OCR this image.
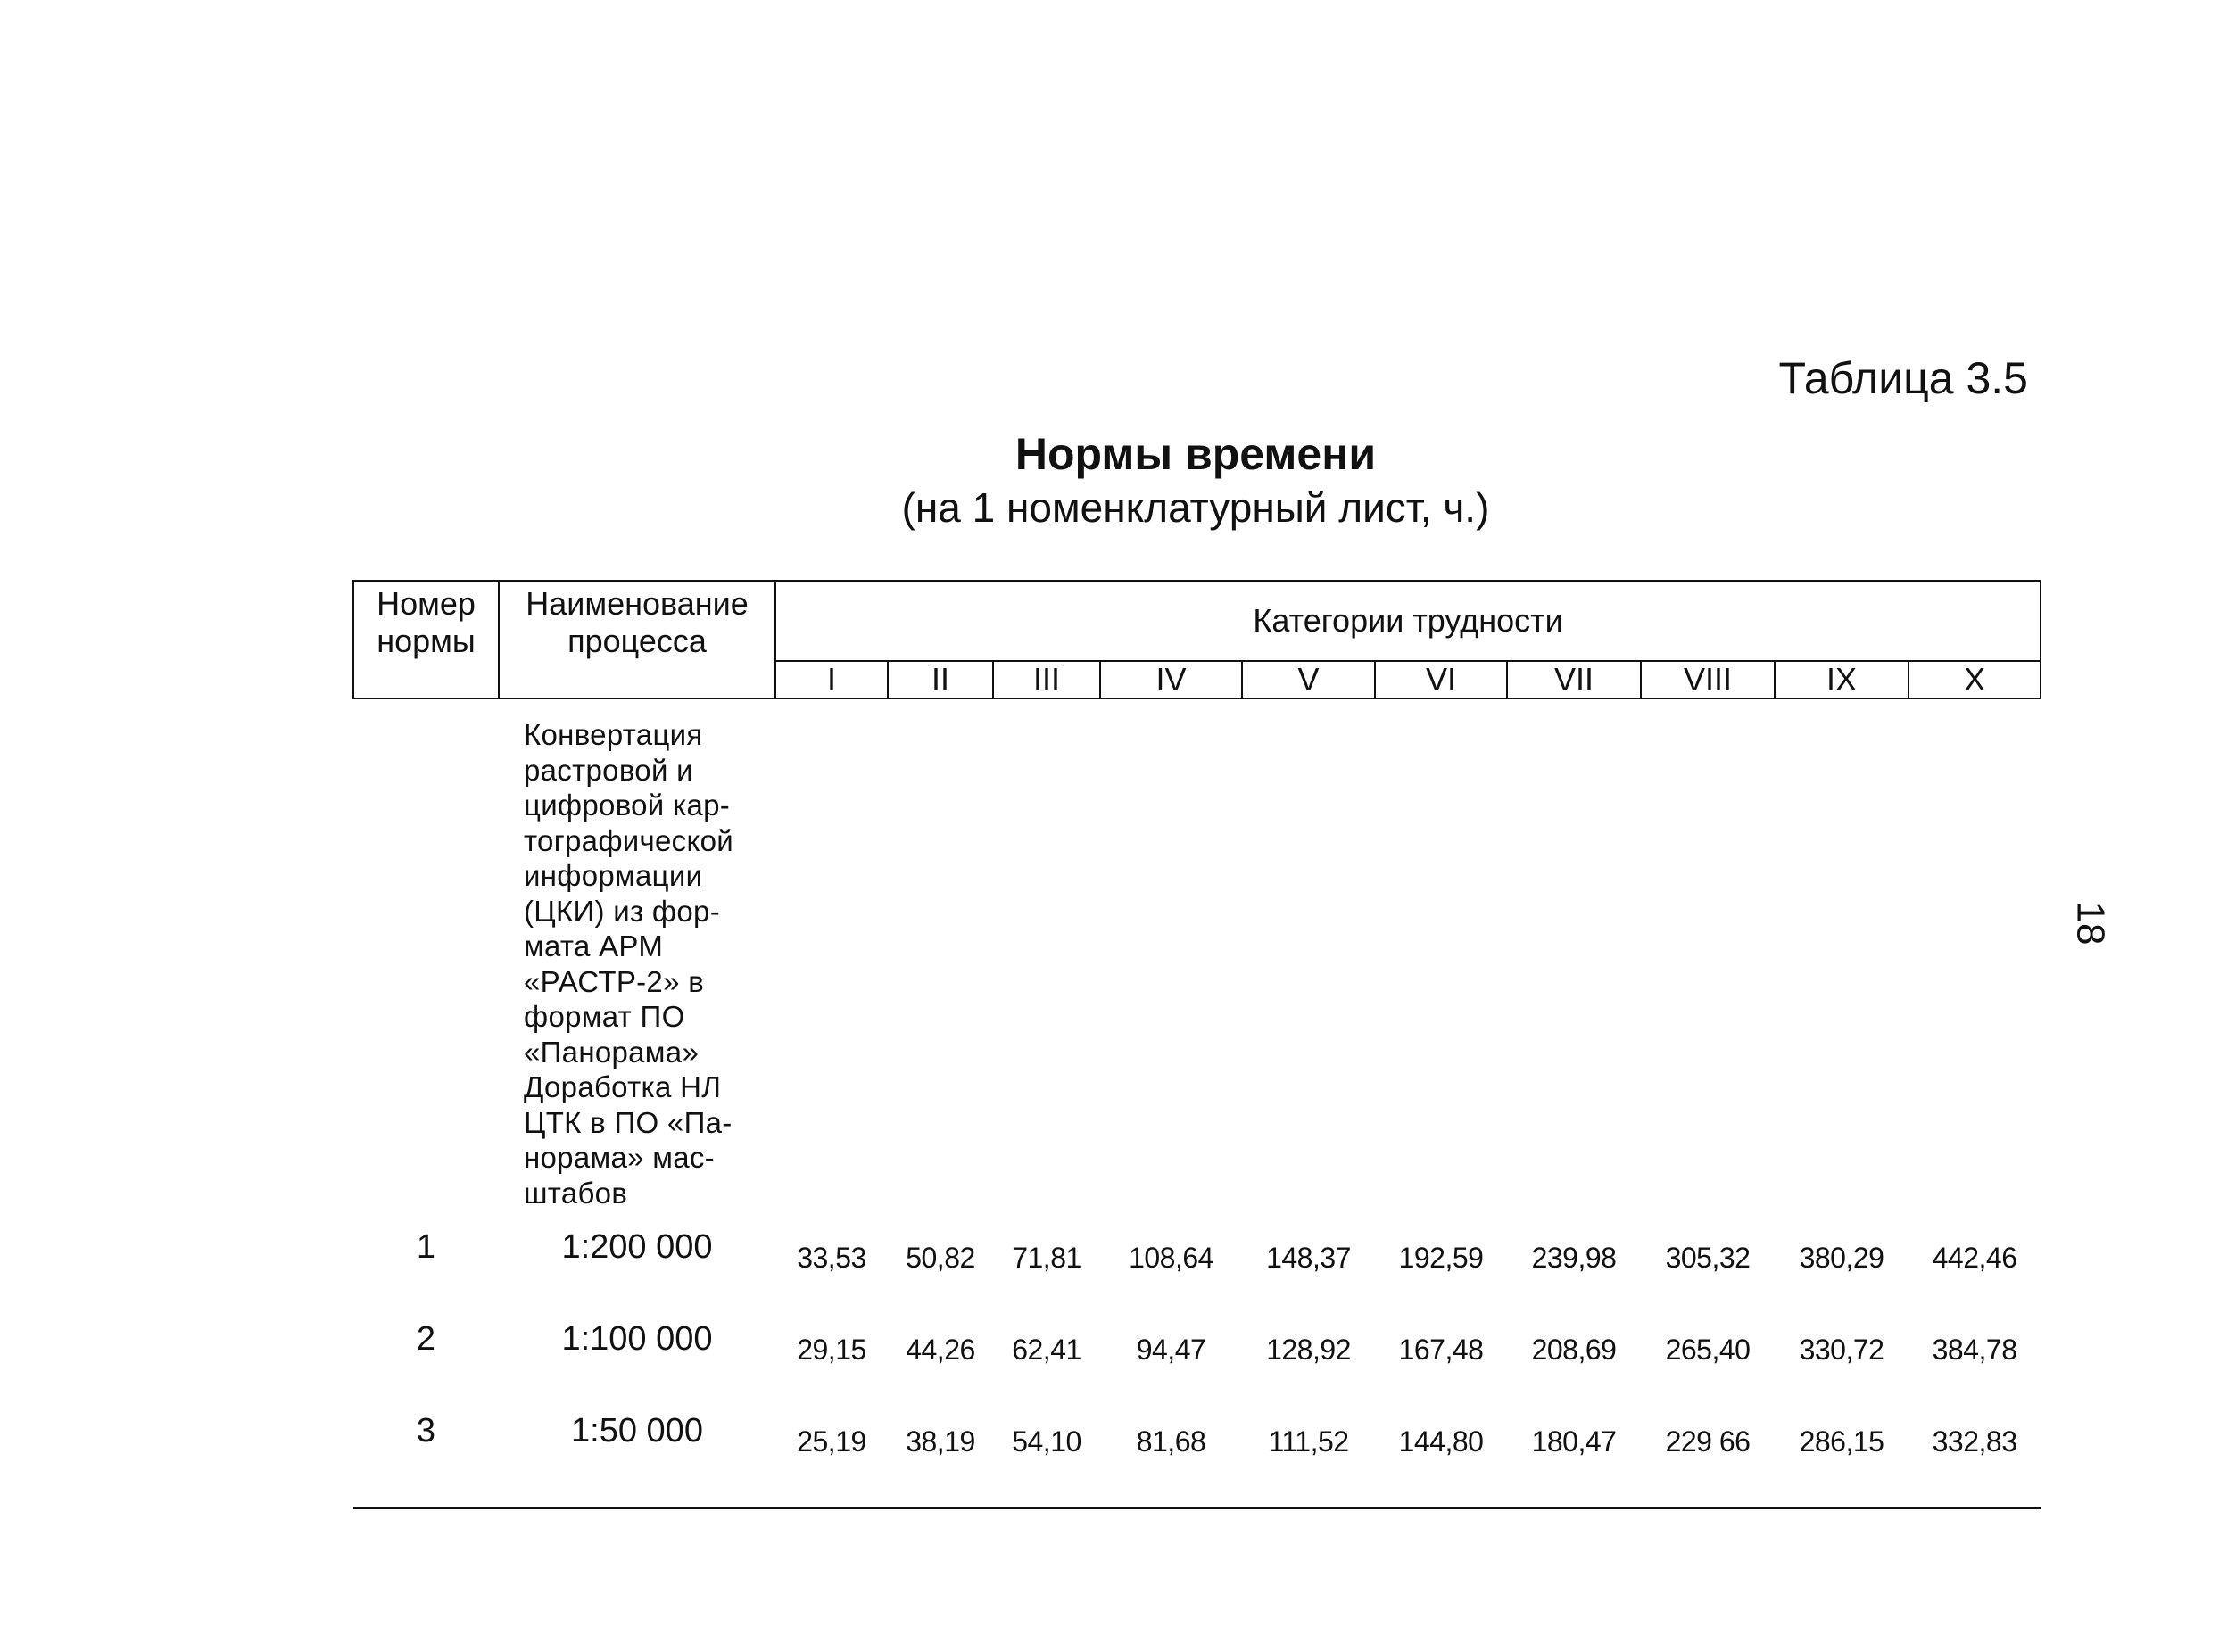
Таблица 3.5
Нормы времени
(на 1 номенклатурный лист, ч.)
Номер нормы	Наименование процесса	Категории трудности									
		I	II	III	IV	V	VI	VII	VIII	IX	X
	Конвертация растровой и цифровой кар-тографической информации (ЦКИ) из фор-мата АРМ «РАСТР-2» в формат ПО «Панорама» Доработка НЛ ЦТК в ПО «Па-норама» мас-штабов										
1	1:200 000	33,53	50,82	71,81	108,64	148,37	192,59	239,98	305,32	380,29	442,46
2	1:100 000	29,15	44,26	62,41	94,47	128,92	167,48	208,69	265,40	330,72	384,78
3	1:50 000	25,19	38,19	54,10	81,68	111,52	144,80	180,47	229 66	286,15	332,83
18
